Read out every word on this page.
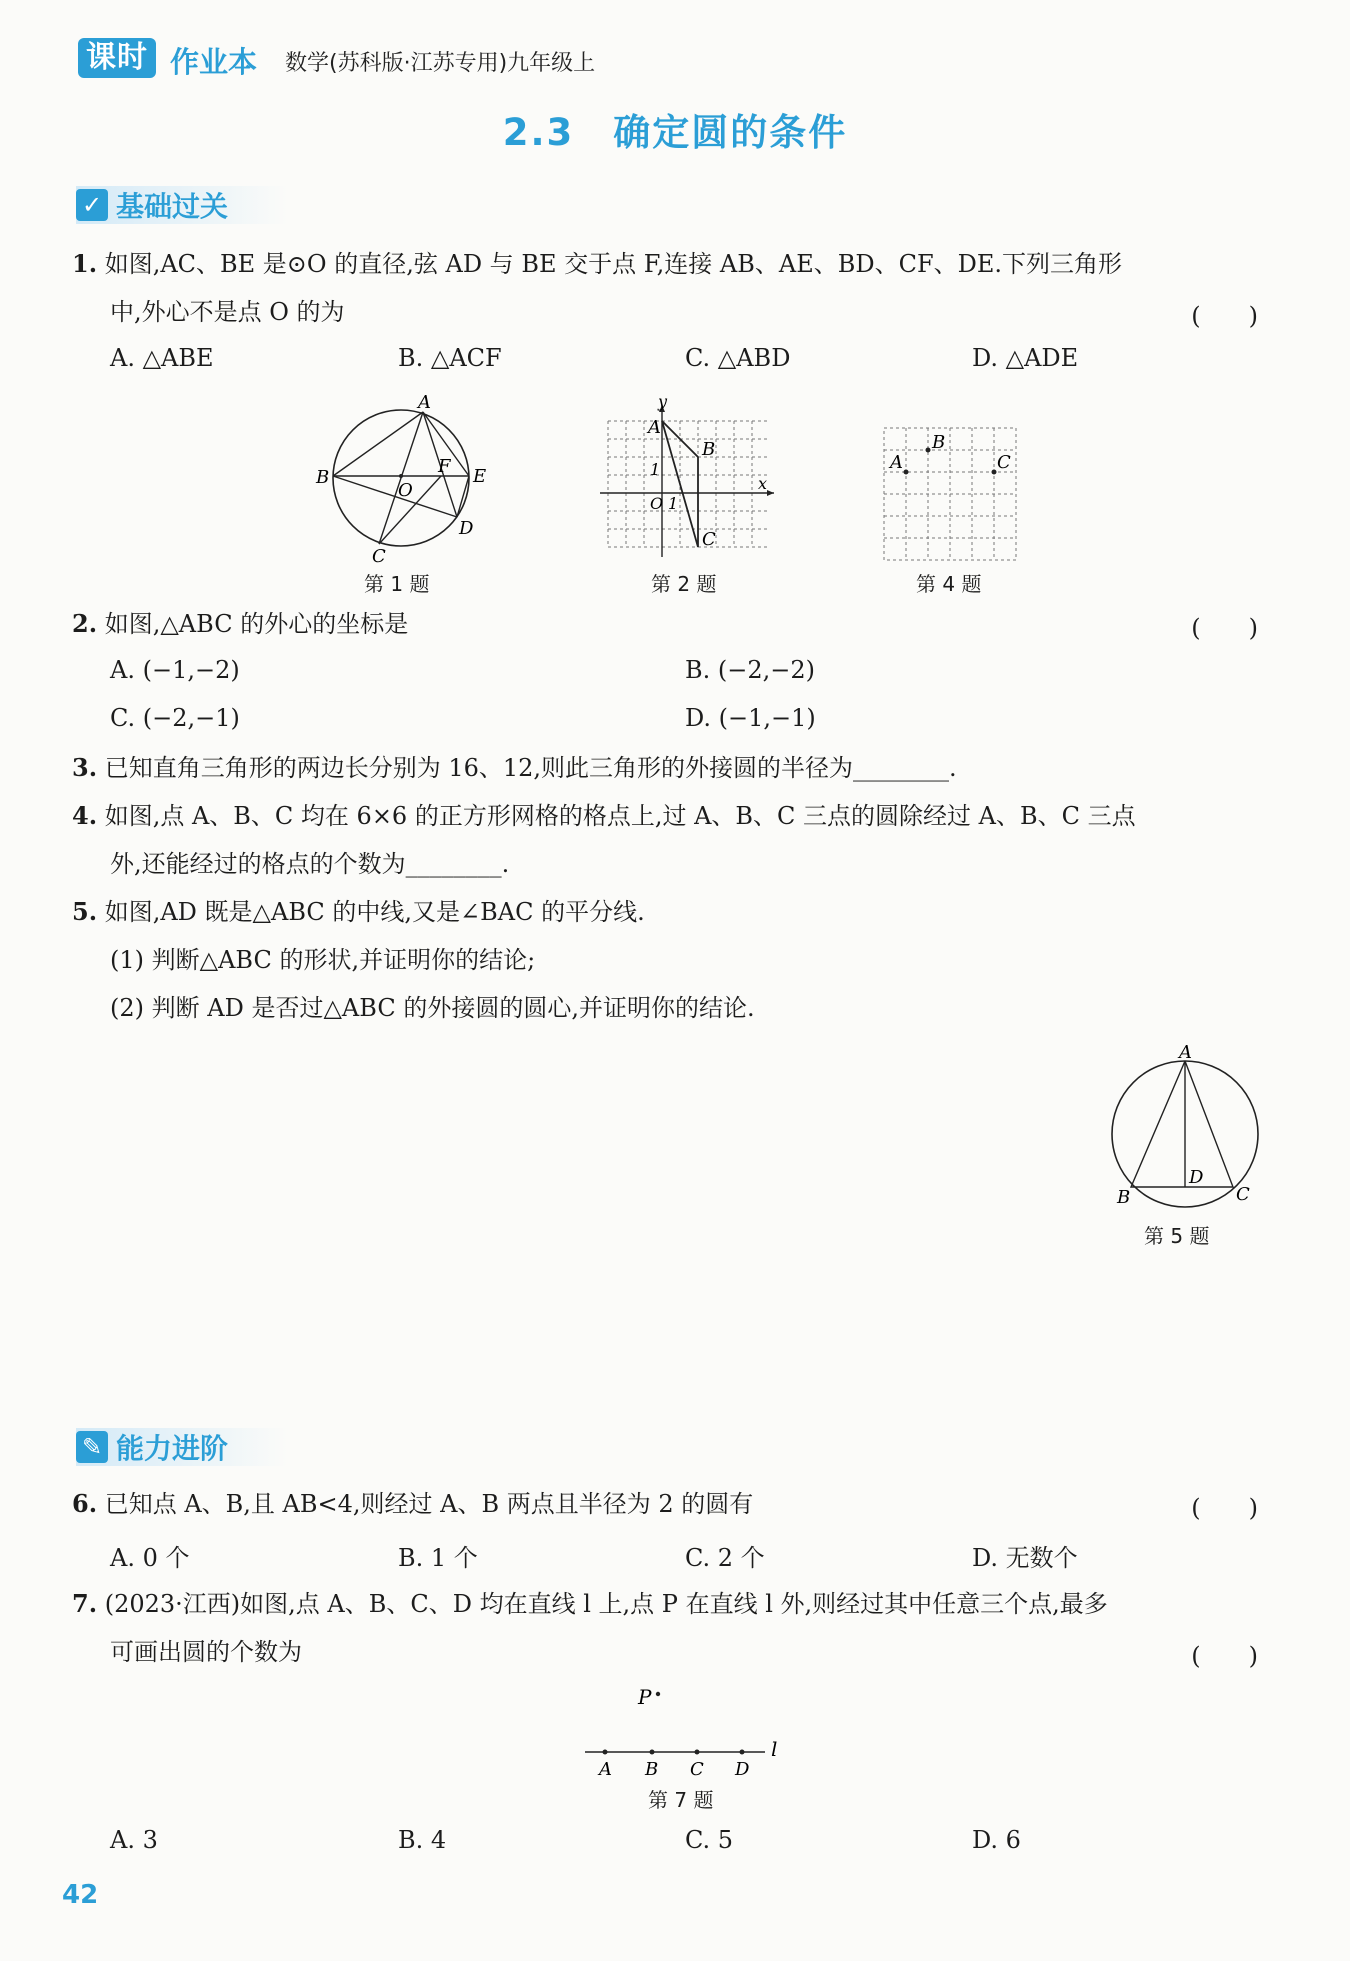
课时 作业本 数学(苏科版·江苏专用)九年级上
2.3　确定圆的条件
✓ 基础过关
1. 如图,AC、BE 是⊙O 的直径,弦 AD 与 BE 交于点 F,连接 AB、AE、BD、CF、DE.下列三角形
中,外心不是点 O 的为	(　　)
A. △ABE	B. △ACF	C. △ABD	D. △ADE
A
B
C
D
E
F
O
第 1 题
y
x
A
B
C
O 1
1
第 2 题
A
B
C
第 4 题
2. 如图,△ABC 的外心的坐标是	(　　)
A. (−1,−2)	B. (−2,−2)
C. (−2,−1)	D. (−1,−1)
3. 已知直角三角形的两边长分别为 16、12,则此三角形的外接圆的半径为________.
4. 如图,点 A、B、C 均在 6×6 的正方形网格的格点上,过 A、B、C 三点的圆除经过 A、B、C 三点
外,还能经过的格点的个数为________.
5. 如图,AD 既是△ABC 的中线,又是∠BAC 的平分线.
(1) 判断△ABC 的形状,并证明你的结论;
(2) 判断 AD 是否过△ABC 的外接圆的圆心,并证明你的结论.
A
B	C
D
第 5 题
✎ 能力进阶
6. 已知点 A、B,且 AB<4,则经过 A、B 两点且半径为 2 的圆有	(　　)
A. 0 个	B. 1 个	C. 2 个	D. 无数个
7. (2023·江西)如图,点 A、B、C、D 均在直线 l 上,点 P 在直线 l 外,则经过其中任意三个点,最多
可画出圆的个数为	(　　)
P
A B C D
l
第 7 题
A. 3	B. 4	C. 5	D. 6
42
